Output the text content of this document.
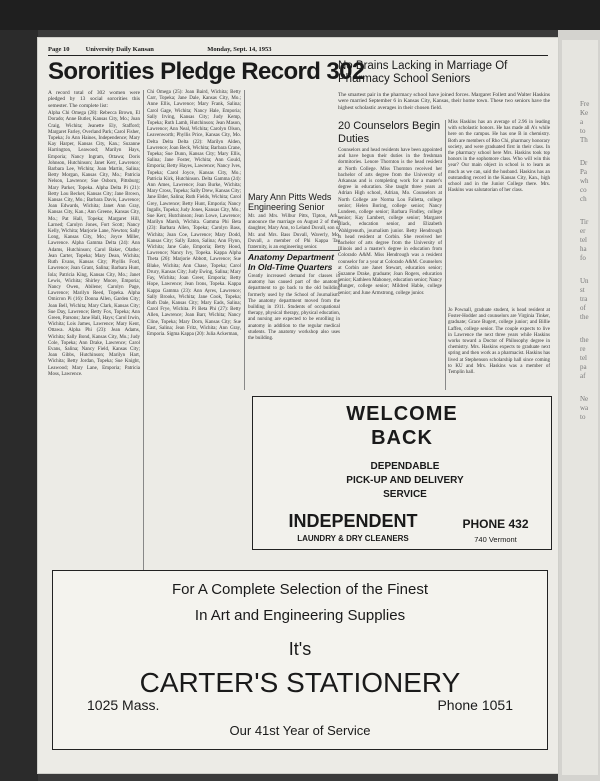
Fre
Ke
a
to
Th
Dr
Pa
wh
co
ch
Tir
er
tel
ha
fo
Un
st
tra
of
the
the
re
tel
pa
af
Ne
wa
to
Page 10 University Daily Kansan	Monday, Sept. 14, 1953
Sororities Pledge Record 302
A record total of 302 women were pledged by 13 social sororities this semester. The complete list:
Alpha Chi Omega (28): Rebecca Brown, El Dorado; Anne Butler, Kansas City, Mo.; Joan Craig, Wichita; Jeanette Ely, Stafford; Margaret Farley, Overland Park; Carol Fisher, Topeka; Jo Ann Haines, Independence; Mary Kay Harper, Kansas City, Kan.; Suzanne Harrington, Leawood; Marilyn Hays, Emporia; Nancy Ingram, Ottawa; Doris Johnson, Hutchinson; Janet Kerr, Lawrence; Barbara Lee, Wichita; Joan Martin, Salina; Betty Morgan, Kansas City, Mo.; Patricia Nelson, Lawrence; Sue Osborn, Pittsburg; Mary Parker, Topeka. Alpha Delta Pi (21): Betty Lou Becker, Kansas City; Jane Brown, Kansas City, Mo.; Barbara Davis, Lawrence; Joan Edwards, Wichita; Janet Ann Gray, Kansas City, Kan.; Ann Greene, Kansas City, Mo.; Pat Hall, Topeka; Margaret Hill, Larned; Carolyn Jones, Fort Scott; Nancy Kelly, Wichita; Marjorie Lane, Newton; Sally Long, Kansas City, Mo.; Joyce Miller, Lawrence. Alpha Gamma Delta (24): Ann Adams, Hutchinson; Carol Baker, Olathe; Jean Carter, Topeka; Mary Dean, Wichita; Ruth Evans, Kansas City; Phyllis Ford, Lawrence; Joan Grant, Salina; Barbara Hunt, Iola; Patricia King, Kansas City, Mo.; Janet Lewis, Wichita; Shirley Moore, Emporia; Nancy Owen, Abilene; Carolyn Page, Lawrence; Marilyn Reed, Topeka. Alpha Omicron Pi (16): Donna Allen, Garden City; Joan Bell, Wichita; Mary Clark, Kansas City; Sue Day, Lawrence; Betty Fox, Topeka; Ann Green, Parsons; Jane Hall, Hays; Carol Irwin, Wichita; Lois James, Lawrence; Mary Kent, Ottawa. Alpha Phi (23): Jean Adams, Wichita; Sally Bond, Kansas City, Mo.; Judy Cole, Topeka; Ann Drake, Lawrence; Carol Evans, Salina; Nancy Field, Kansas City; Joan Gibbs, Hutchinson; Marilyn Hart, Wichita; Betty Jordan, Topeka; Sue Knight, Leawood; Mary Lane, Emporia; Patricia Moss, Lawrence.
Chi Omega (25): Joan Baird, Wichita; Betty Carr, Topeka; Jane Dale, Kansas City, Mo.; Anne Ellis, Lawrence; Mary Frank, Salina; Carol Gage, Wichita; Nancy Hale, Emporia; Sally Irving, Kansas City; Judy Kemp, Topeka; Ruth Lamb, Hutchinson; Jean Mason, Lawrence; Ann Neal, Wichita; Carolyn Olson, Leavenworth; Phyllis Price, Kansas City, Mo. Delta Delta Delta (22): Marilyn Alden, Lawrence; Joan Beck, Wichita; Barbara Crane, Topeka; Sue Dunn, Kansas City; Mary Ellis, Salina; Jane Foster, Wichita; Ann Gould, Emporia; Betty Hayes, Lawrence; Nancy Ives, Topeka; Carol Joyce, Kansas City, Mo.; Patricia Kirk, Hutchinson. Delta Gamma (24): Ann Ames, Lawrence; Joan Burke, Wichita; Mary Cross, Topeka; Sally Drew, Kansas City; Jane Elder, Salina; Ruth Fields, Wichita; Carol Grey, Lawrence; Betty Hunt, Emporia; Nancy Ingalls, Topeka; Judy Jones, Kansas City, Mo.; Sue Kerr, Hutchinson; Jean Lowe, Lawrence; Marilyn Marsh, Wichita. Gamma Phi Beta (23): Barbara Allen, Topeka; Carolyn Bass, Wichita; Joan Coe, Lawrence; Mary Dodd, Kansas City; Sally Eaton, Salina; Ann Flynn, Wichita; Jane Gale, Emporia; Betty Hood, Lawrence; Nancy Ivy, Topeka. Kappa Alpha Theta (26): Marjorie Abbott, Lawrence; Sue Blake, Wichita; Ann Chase, Topeka; Carol Drury, Kansas City; Judy Ewing, Salina; Mary Fay, Wichita; Joan Greer, Emporia; Betty Hope, Lawrence; Jean Irons, Topeka. Kappa Kappa Gamma (23): Ann Ayres, Lawrence; Sally Brooks, Wichita; Jane Cook, Topeka; Ruth Dale, Kansas City; Mary Eads, Salina; Carol Frye, Wichita. Pi Beta Phi (27): Betty Allen, Lawrence; Joan Barr, Wichita; Nancy Cline, Topeka; Mary Dorn, Kansas City; Sue East, Salina; Jean Fritz, Wichita; Ann Gray, Emporia. Sigma Kappa (20): Julia Ackerman,
Mary Ann Pitts Weds Engineering Senior
Mr. and Mrs. Wilbur Pitts, Tipton, Ark., announce the marriage on August 2 of their daughter, Mary Ann, to Leland Duvall, son of Mr. and Mrs. Bass Duvall, Waverly, Mo. Duvall, a member of Phi Kappa Tau fraternity, is an engineering senior.
Anatomy Department In Old-Time Quarters
Greatly increased demand for classes in anatomy has caused part of the anatomy department to go back to the old building formerly used by the School of Journalism. The anatomy department moved from the building in 1911. Students of occupational therapy, physical therapy, physical education, and nursing are expected to be enrolling in anatomy in addition to the regular medical students. The anatomy workshop also uses the building.
No Brains Lacking in Marriage Of Pharmacy School Seniors
The smartest pair in the pharmacy school have joined forces. Margaret Follett and Walter Haskins were married September 6 in Kansas City, Kansas, their home town. These two seniors have the highest scholastic averages in their chosen field.
20 Counselors Begin Duties
Counselors and head residents have been appointed and have begun their duties in the freshman dormitories. Lenore Thornton is the head resident at North College. Miss Thornton received her bachelor of arts degree from the University of Arkansas and is completing work for a master's degree in education. She taught three years at Adrian High school, Adrian, Mo. Counselors at North College are Norma Lou Falletta, college senior; Helen Boring, college senior; Nancy Lundeen, college senior; Barbara Findley, college senior; Kay Lambert, college senior; Margaret Black, education senior, and Elizabeth Wahlgrenuth, journalism junior. Betty Hendrough is head resident at Corbin. She received her bachelor of arts degree from the University of Illinois and a master's degree in education from Colorado A&M. Miss Hendrough was a resident counselor for a year at Colorado A&M. Counselors at Corbin are Janet Stewart, education senior; Suzanne Drake, graduate; Joan Rogers, education senior; Kathleen Mahoney, education senior; Nancy Munger, college senior; Mildred Hable, college senior; and June Armstrong, college junior.
Miss Haskins has an average of 2.96 in leading with scholastic honors. He has made all A's while here on the campus. He has one B in chemistry. Both are members of Rho Chi, pharmacy honorary society, and were graduated first in their class. In the pharmacy school here Mrs. Haskins took top honors in the sophomore class. Who will win this year? Our main object in school is to learn as much as we can, said the husband. Haskins has an outstanding record in the Kansas City, Kan., high school and in the Junior College there. Mrs. Haskins was salutatorian of her class.
Jo Pownall, graduate student, is head resident at Foster-Hodder and counselors are Virginia Tinker, graduate; Grace Bugert, college junior; and Billie Laffen, college senior. The couple expects to live in Lawrence the next three years while Haskins works toward a Doctor of Philosophy degree in chemistry. Mrs. Haskins expects to graduate next spring and then work as a pharmacist. Haskins has lived at Stephenson scholarship hall since coming to KU and Mrs. Haskins was a member of Templin hall.
WELCOME
BACK
DEPENDABLE
PICK-UP AND DELIVERY
SERVICE
INDEPENDENT
LAUNDRY & DRY CLEANERS
PHONE 432
740 Vermont
For A Complete Selection of the Finest
In Art and Engineering Supplies
It's
CARTER'S STATIONERY
1025 Mass.	Phone 1051
Our 41st Year of Service
